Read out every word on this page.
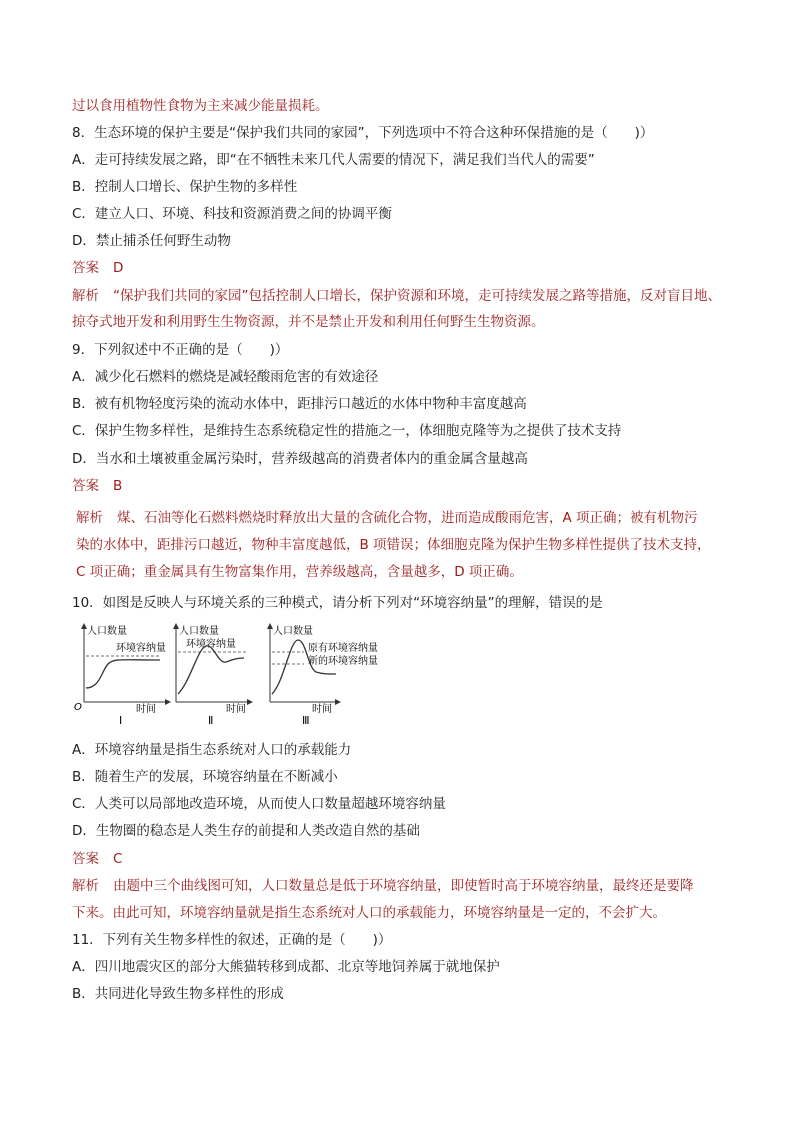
过以食用植物性食物为主来减少能量损耗。
8．生态环境的保护主要是“保护我们共同的家园”，下列选项中不符合这种环保措施的是（　　)）
A．走可持续发展之路，即“在不牺牲未来几代人需要的情况下，满足我们当代人的需要”
B．控制人口增长、保护生物的多样性
C．建立人口、环境、科技和资源消费之间的协调平衡
D．禁止捕杀任何野生动物
答案 D
解析 “保护我们共同的家园”包括控制人口增长，保护资源和环境，走可持续发展之路等措施，反对盲目地、
掠夺式地开发和利用野生生物资源，并不是禁止开发和利用任何野生生物资源。
9．下列叙述中不正确的是（　　)）
A．减少化石燃料的燃烧是减轻酸雨危害的有效途径
B．被有机物轻度污染的流动水体中，距排污口越近的水体中物种丰富度越高
C．保护生物多样性，是维持生态系统稳定性的措施之一，体细胞克隆等为之提供了技术支持
D．当水和土壤被重金属污染时，营养级越高的消费者体内的重金属含量越高
答案 B
解析 煤、石油等化石燃料燃烧时释放出大量的含硫化合物，进而造成酸雨危害，A 项正确；被有机物污
染的水体中，距排污口越近，物种丰富度越低，B 项错误；体细胞克隆为保护生物多样性提供了技术支持，
C 项正确；重金属具有生物富集作用，营养级越高，含量越多，D 项正确。
10．如图是反映人与环境关系的三种模式，请分析下列对“环境容纳量”的理解，错误的是
A．环境容纳量是指生态系统对人口的承载能力
B．随着生产的发展，环境容纳量在不断减小
C．人类可以局部地改造环境，从而使人口数量超越环境容纳量
D．生物圈的稳态是人类生存的前提和人类改造自然的基础
答案 C
解析 由题中三个曲线图可知，人口数量总是低于环境容纳量，即使暂时高于环境容纳量，最终还是要降
下来。由此可知，环境容纳量就是指生态系统对人口的承载能力，环境容纳量是一定的，不会扩大。
11．下列有关生物多样性的叙述，正确的是（　　)）
A．四川地震灾区的部分大熊猫转移到成都、北京等地饲养属于就地保护
B．共同进化导致生物多样性的形成
人口数量
O	时间
环境容纳量
Ⅰ
人口数量
时间
环境容纳量
Ⅱ
人口数量
时间
原有环境容纳量
新的环境容纳量
Ⅲ
